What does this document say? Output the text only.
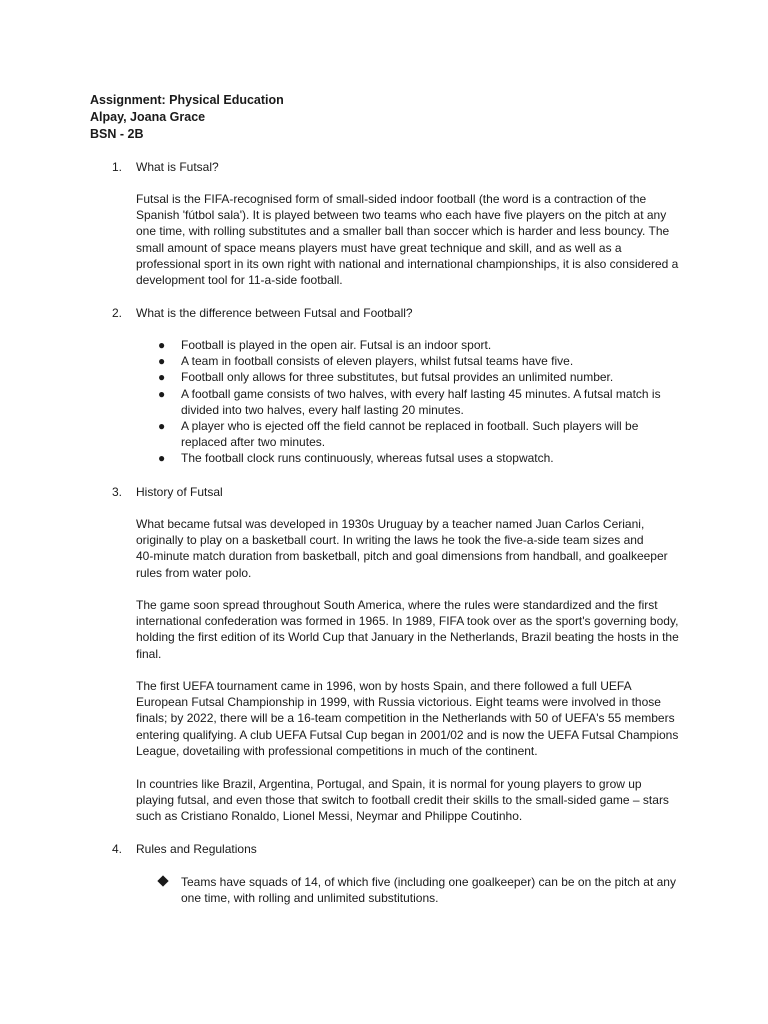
Assignment: Physical Education
Alpay, Joana Grace
BSN - 2B
1. What is Futsal?
Futsal is the FIFA-recognised form of small-sided indoor football (the word is a contraction of the
Spanish 'fútbol sala'). It is played between two teams who each have five players on the pitch at any
one time, with rolling substitutes and a smaller ball than soccer which is harder and less bouncy. The
small amount of space means players must have great technique and skill, and as well as a
professional sport in its own right with national and international championships, it is also considered a
development tool for 11-a-side football.
2. What is the difference between Futsal and Football?
● Football is played in the open air. Futsal is an indoor sport.
● A team in football consists of eleven players, whilst futsal teams have five.
● Football only allows for three substitutes, but futsal provides an unlimited number.
● A football game consists of two halves, with every half lasting 45 minutes. A futsal match is
divided into two halves, every half lasting 20 minutes.
● A player who is ejected off the field cannot be replaced in football. Such players will be
replaced after two minutes.
● The football clock runs continuously, whereas futsal uses a stopwatch.
3. History of Futsal
What became futsal was developed in 1930s Uruguay by a teacher named Juan Carlos Ceriani,
originally to play on a basketball court. In writing the laws he took the five-a-side team sizes and
40-minute match duration from basketball, pitch and goal dimensions from handball, and goalkeeper
rules from water polo.
The game soon spread throughout South America, where the rules were standardized and the first
international confederation was formed in 1965. In 1989, FIFA took over as the sport's governing body,
holding the first edition of its World Cup that January in the Netherlands, Brazil beating the hosts in the
final.
The first UEFA tournament came in 1996, won by hosts Spain, and there followed a full UEFA
European Futsal Championship in 1999, with Russia victorious. Eight teams were involved in those
finals; by 2022, there will be a 16-team competition in the Netherlands with 50 of UEFA's 55 members
entering qualifying. A club UEFA Futsal Cup began in 2001/02 and is now the UEFA Futsal Champions
League, dovetailing with professional competitions in much of the continent.
In countries like Brazil, Argentina, Portugal, and Spain, it is normal for young players to grow up
playing futsal, and even those that switch to football credit their skills to the small-sided game – stars
such as Cristiano Ronaldo, Lionel Messi, Neymar and Philippe Coutinho.
4. Rules and Regulations
Teams have squads of 14, of which five (including one goalkeeper) can be on the pitch at any
one time, with rolling and unlimited substitutions.
